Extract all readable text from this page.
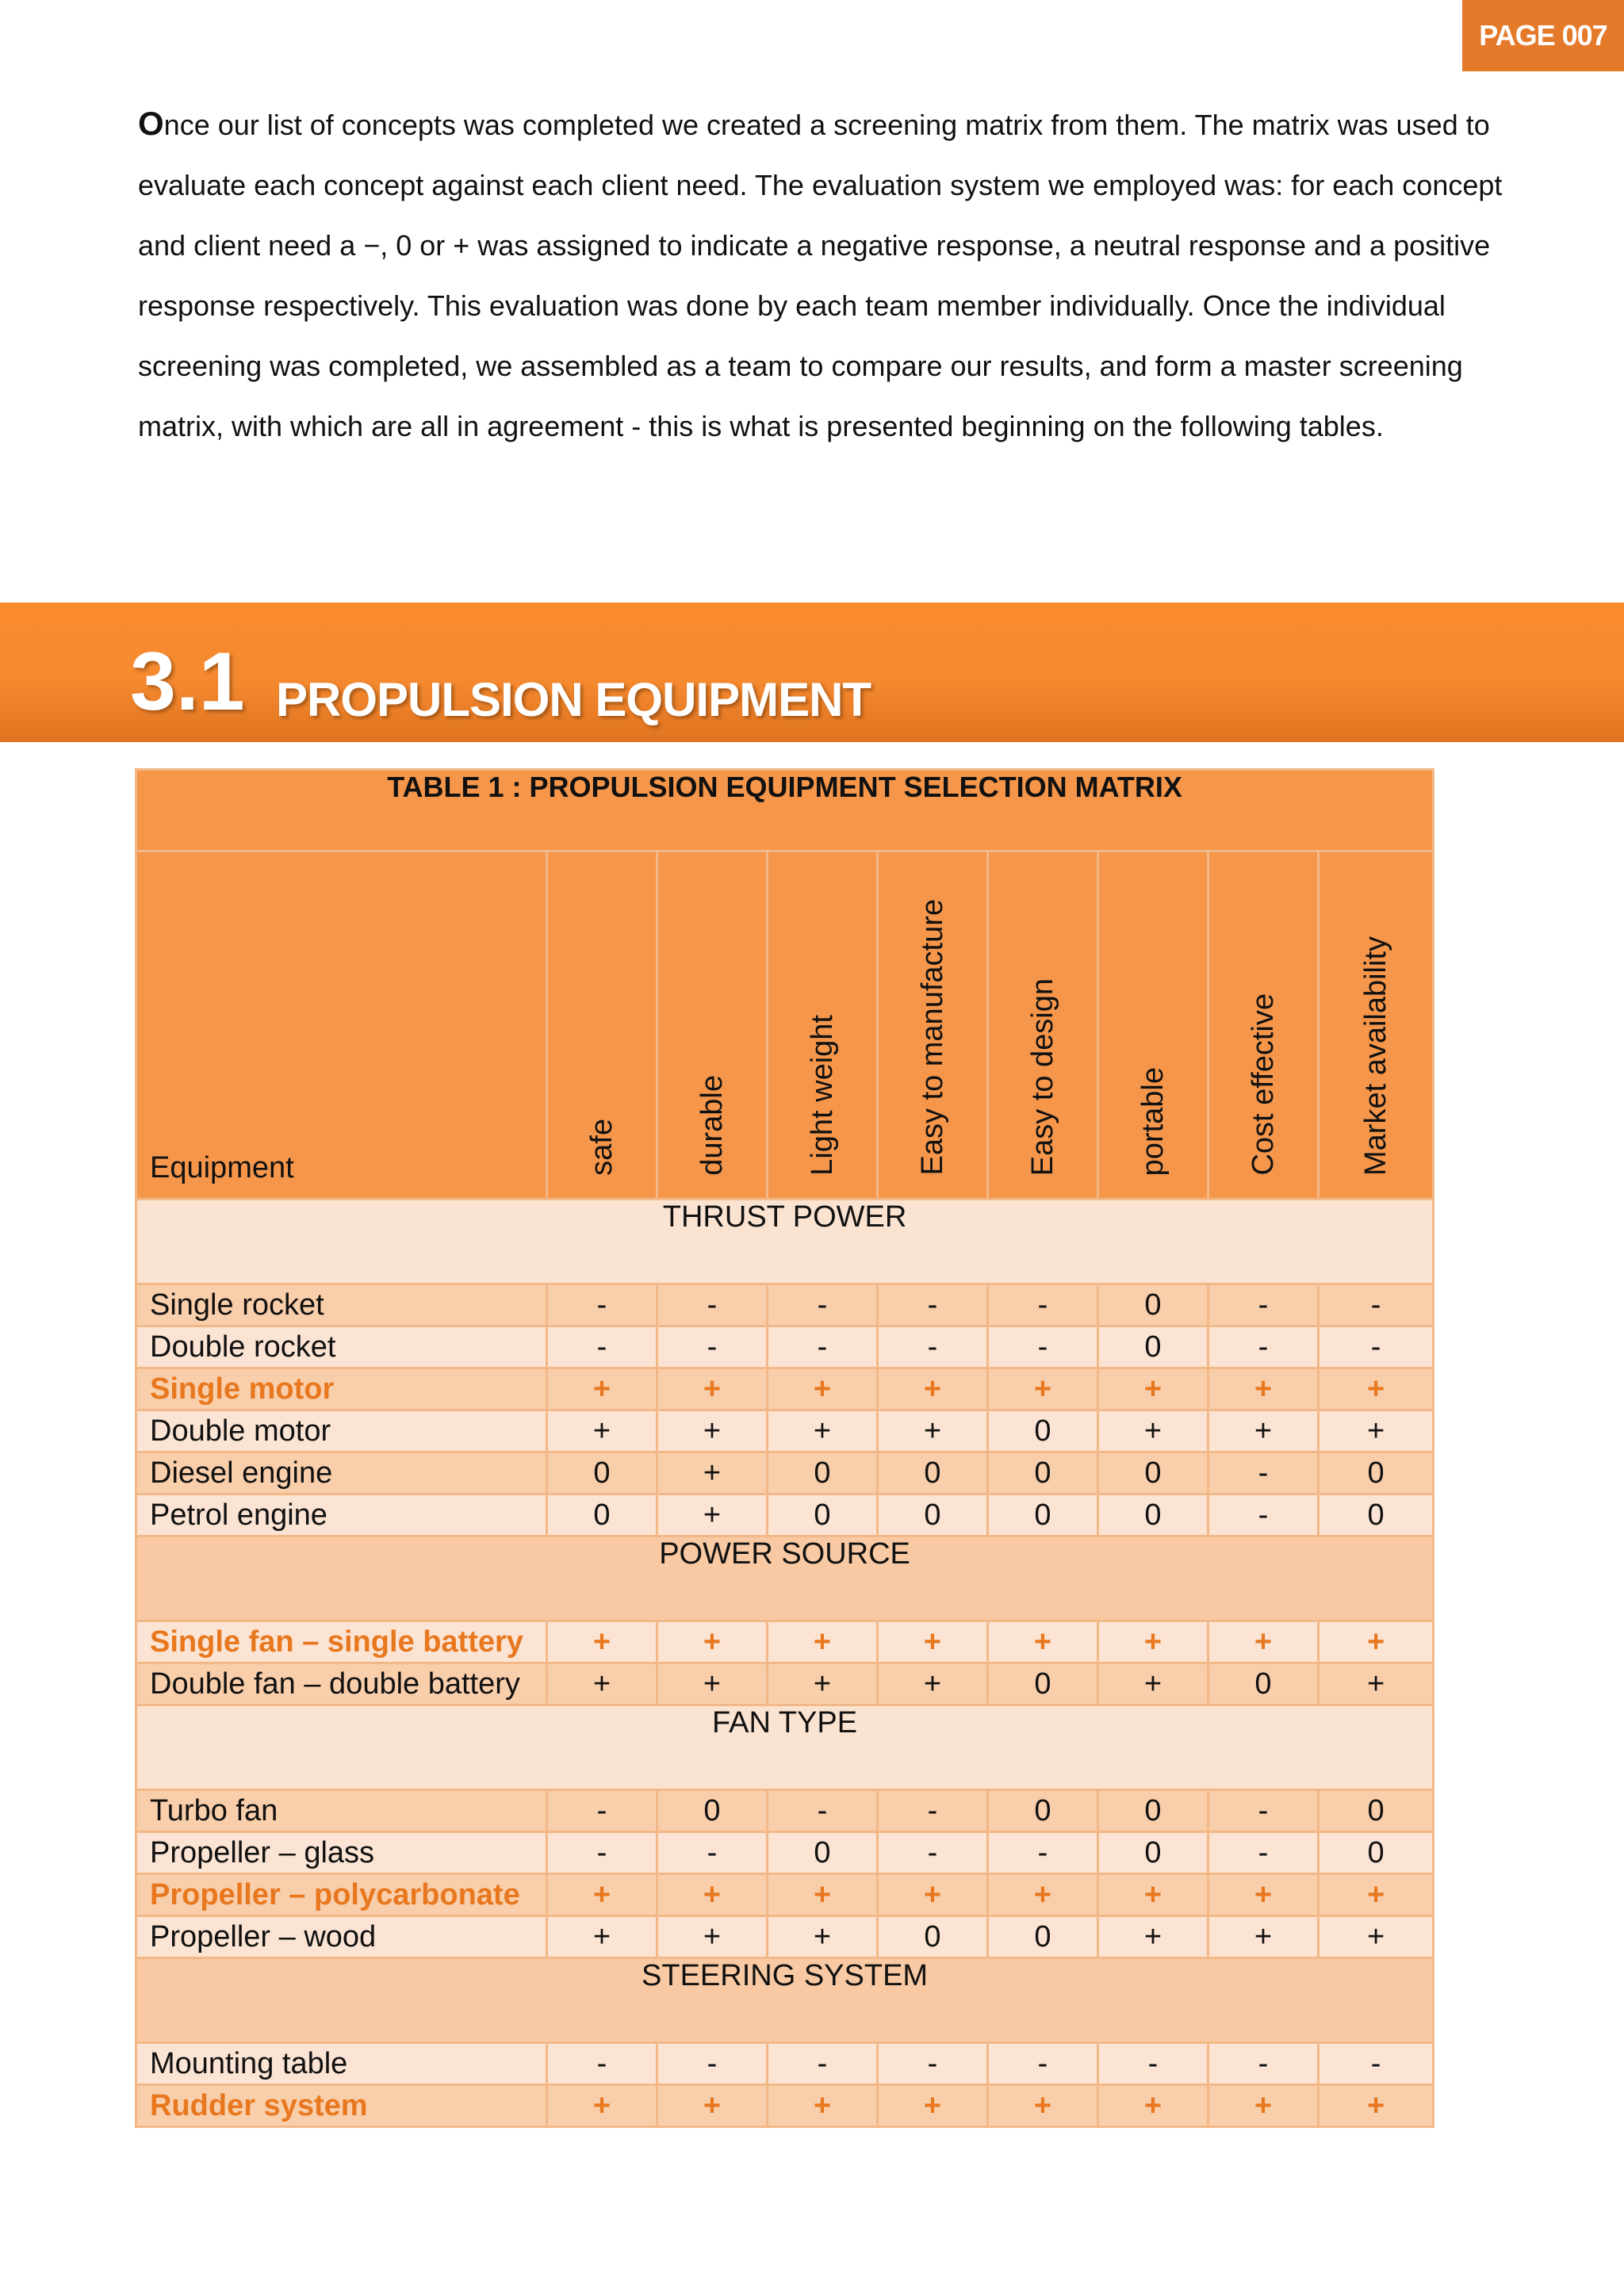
PAGE 007

Once our list of concepts was completed we created a screening matrix from them. The matrix was used to evaluate each concept against each client need. The evaluation system we employed was: for each concept and client need a −, 0 or + was assigned to indicate a negative response, a neutral response and a positive response respectively. This evaluation was done by each team member individually. Once the individual screening was completed, we assembled as a team to compare our results, and form a master screening matrix, with which are all in agreement - this is what is presented beginning on the following tables.

3.1 PROPULSION EQUIPMENT
TABLE 1 : PROPULSION EQUIPMENT SELECTION MATRIX								
Equipment	safe	durable	Light weight	Easy to manufacture	Easy to design	portable	Cost effective	Market availability
THRUST POWER								
Single rocket	-	-	-	-	-	0	-	-
Double rocket	-	-	-	-	-	0	-	-
Single motor	+	+	+	+	+	+	+	+
Double motor	+	+	+	+	0	+	+	+
Diesel engine	0	+	0	0	0	0	-	0
Petrol engine	0	+	0	0	0	0	-	0
POWER SOURCE								
Single fan – single battery	+	+	+	+	+	+	+	+
Double fan – double battery	+	+	+	+	0	+	0	+
FAN TYPE								
Turbo fan	-	0	-	-	0	0	-	0
Propeller – glass	-	-	0	-	-	0	-	0
Propeller – polycarbonate	+	+	+	+	+	+	+	+
Propeller – wood	+	+	+	0	0	+	+	+
STEERING SYSTEM								
Mounting table	-	-	-	-	-	-	-	-
Rudder system	+	+	+	+	+	+	+	+
